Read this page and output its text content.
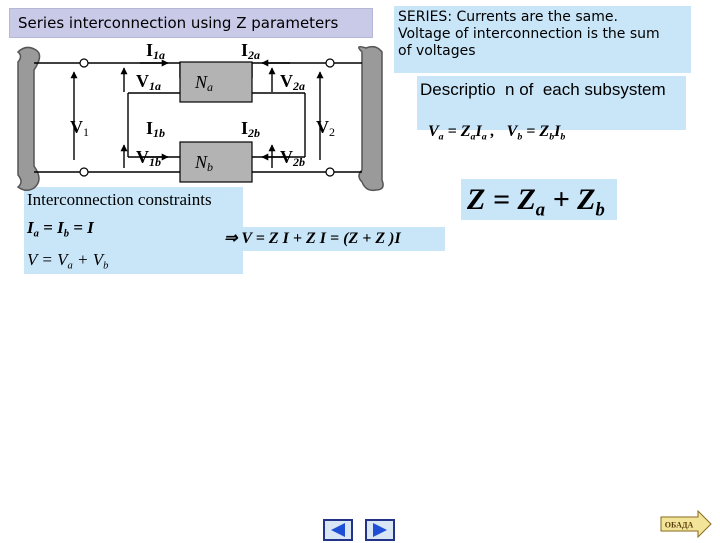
Series interconnection using Z parameters	SERIES: Currents are the same.
Voltage of interconnection is the sum
of voltages
Descriptio  n of  each subsystem

$V_a = Z_aI_a$ ,   $V_b = Z_bI_b$

$Z = Z_a + Z_b$
Interconnection constraints
$I_a = I_b = I$
$V = V_a + V_b$
⇒ V = Z I + Z I = (Z + Z )I
I1a	I2a
V1a	V2a
V1	V2
I1b	I2b
V1b	V2b
Na
Nb
ОБАДА
